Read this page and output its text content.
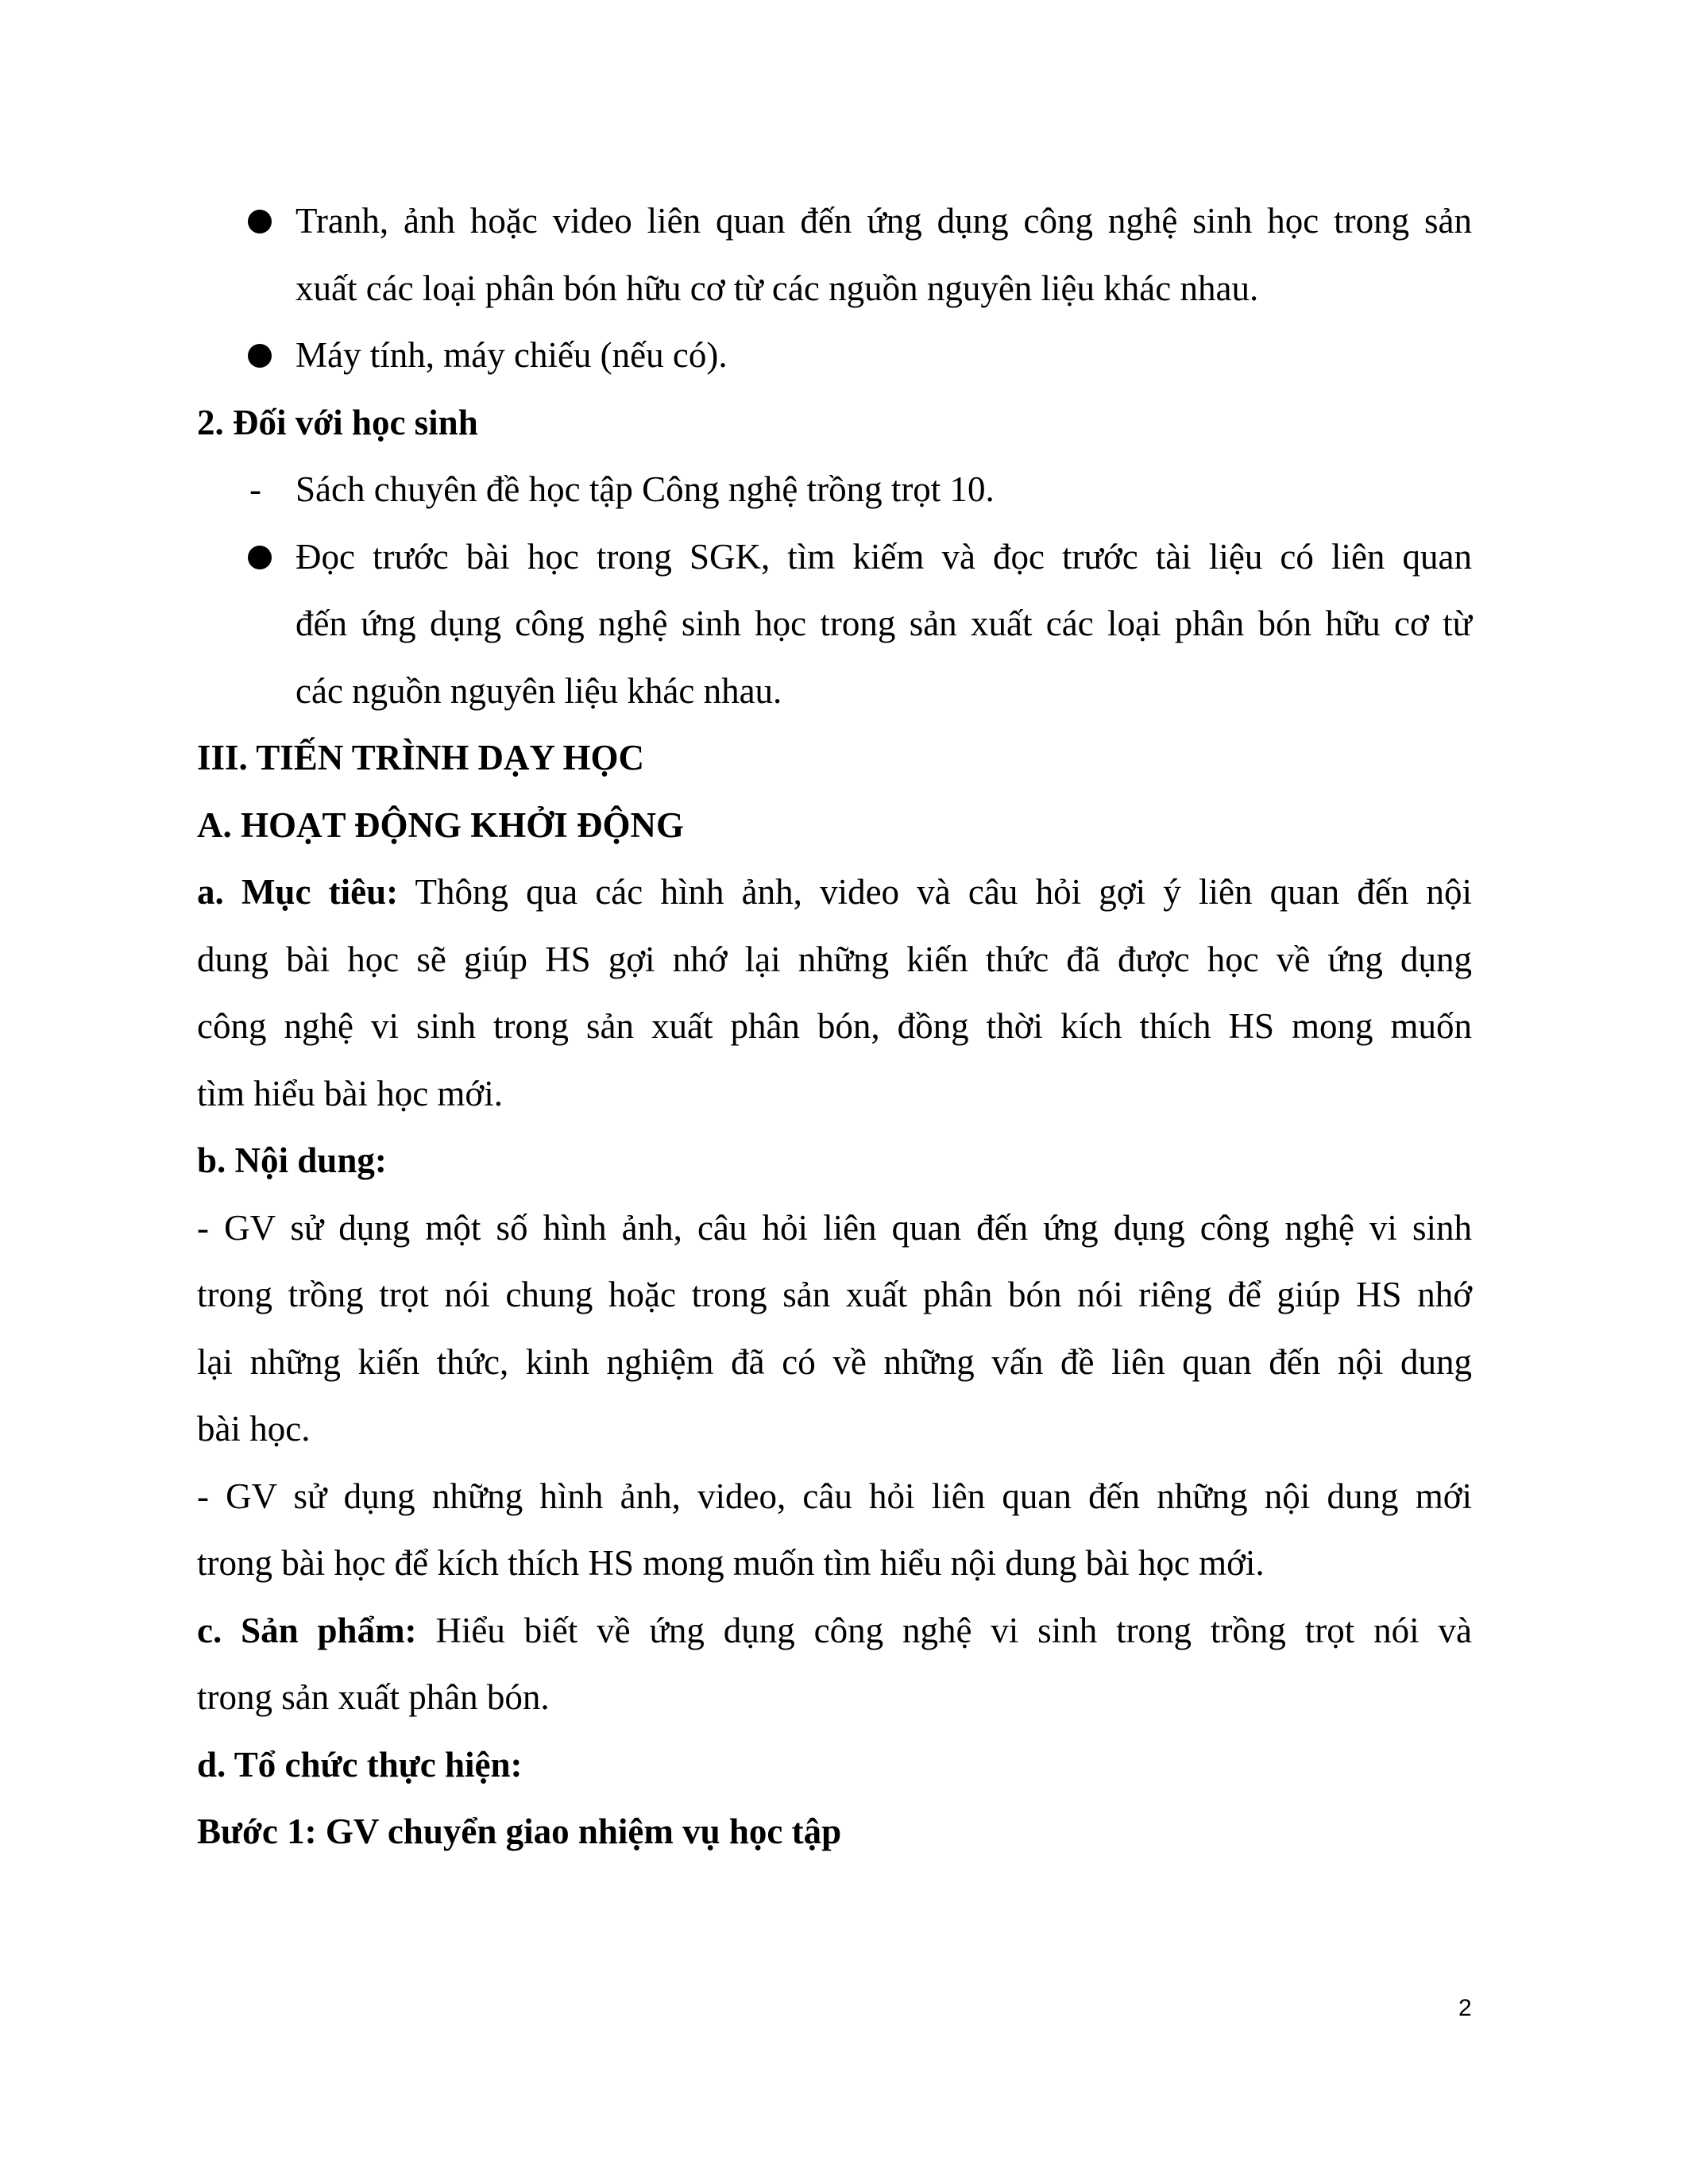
Tranh, ảnh hoặc video liên quan đến ứng dụng công nghệ sinh học trong sản
xuất các loại phân bón hữu cơ từ các nguồn nguyên liệu khác nhau.
Máy tính, máy chiếu (nếu có).
2. Đối với học sinh
- Sách chuyên đề học tập Công nghệ trồng trọt 10.
Đọc trước bài học trong SGK, tìm kiếm và đọc trước tài liệu có liên quan
đến ứng dụng công nghệ sinh học trong sản xuất các loại phân bón hữu cơ từ
các nguồn nguyên liệu khác nhau.
III. TIẾN TRÌNH DẠY HỌC
A. HOẠT ĐỘNG KHỞI ĐỘNG
a. Mục tiêu: Thông qua các hình ảnh, video và câu hỏi gợi ý liên quan đến nội
dung bài học sẽ giúp HS gợi nhớ lại những kiến thức đã được học về ứng dụng
công nghệ vi sinh trong sản xuất phân bón, đồng thời kích thích HS mong muốn
tìm hiểu bài học mới.
b. Nội dung:
- GV sử dụng một số hình ảnh, câu hỏi liên quan đến ứng dụng công nghệ vi sinh
trong trồng trọt nói chung hoặc trong sản xuất phân bón nói riêng để giúp HS nhớ
lại những kiến thức, kinh nghiệm đã có về những vấn đề liên quan đến nội dung
bài học.
- GV sử dụng những hình ảnh, video, câu hỏi liên quan đến những nội dung mới
trong bài học để kích thích HS mong muốn tìm hiểu nội dung bài học mới.
c. Sản phẩm: Hiểu biết về ứng dụng công nghệ vi sinh trong trồng trọt nói và
trong sản xuất phân bón.
d. Tổ chức thực hiện:
Bước 1: GV chuyển giao nhiệm vụ học tập
2
